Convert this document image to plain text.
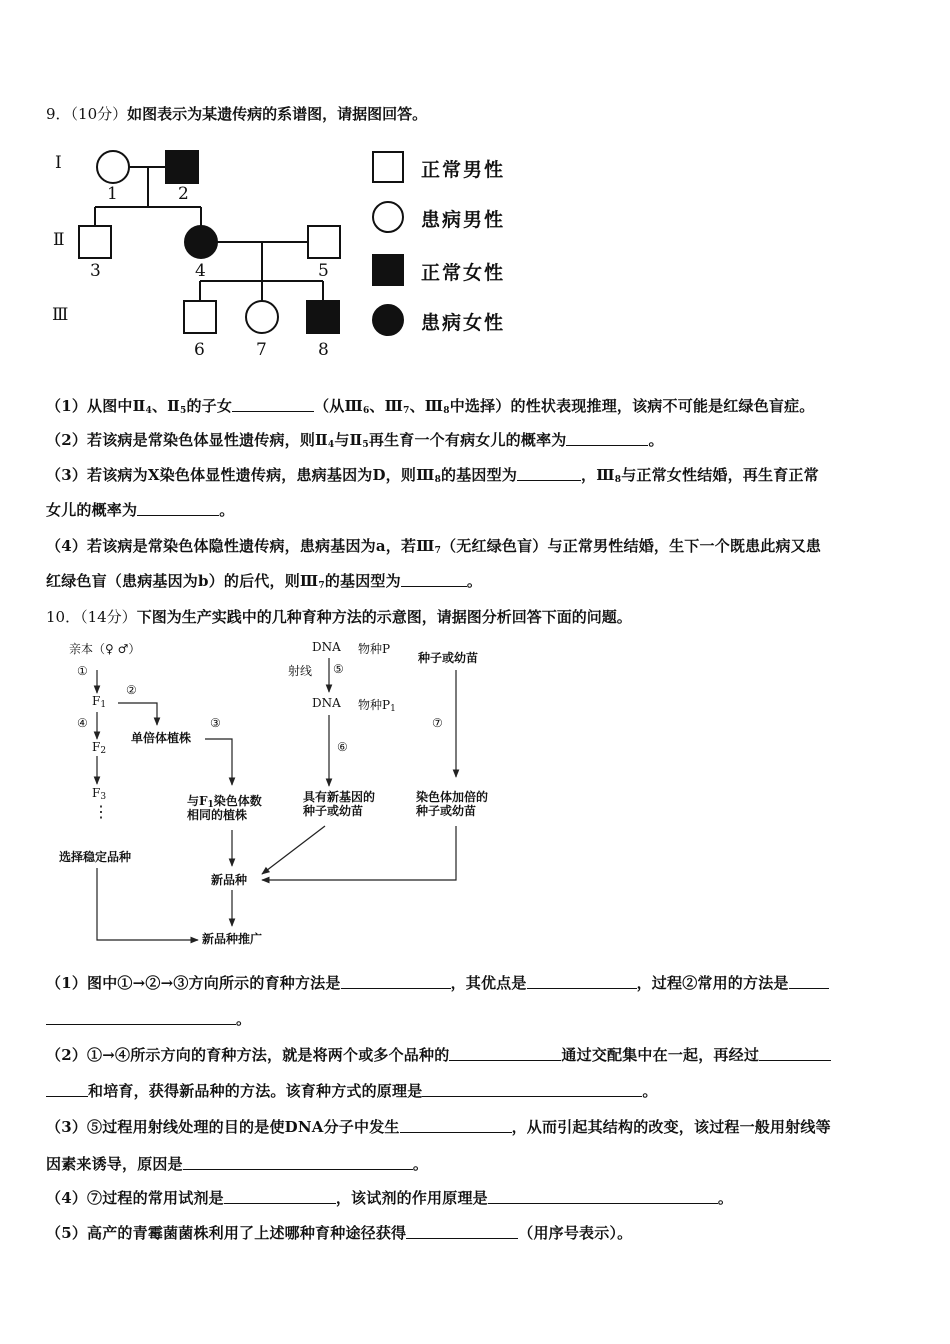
9．（10分）如图表示为某遗传病的系谱图，请据图回答。
Ⅰ
Ⅱ
Ⅲ
1	2
3	4	5
6	7	8
正常男性
患病男性
正常女性
患病女性
（1）从图中$Ⅱ_4$、$Ⅱ_5$的子女	（从$Ⅲ_6$、$Ⅲ_7$、$Ⅲ_8$中选择）的性状表现推理，该病不可能是红绿色盲症。
（2）若该病是常染色体显性遗传病，则$Ⅱ_4$与$Ⅱ_5$再生育一个有病女儿的概率为	。
（3）若该病为X染色体显性遗传病，患病基因为D，则$Ⅲ_8$的基因型为	，$Ⅲ_8$与正常女性结婚，再生育正常
女儿的概率为	。
（4）若该病是常染色体隐性遗传病，患病基因为a，若$Ⅲ_7$（无红绿色盲）与正常男性结婚，生下一个既患此病又患
红绿色盲（患病基因为b）的后代，则$Ⅲ_7$的基因型为	。
10．（14分）下图为生产实践中的几种育种方法的示意图，请据图分析回答下面的问题。
亲本（♀ ♂）
①
$F_1$
②
④
$F_2$
$F_3$
⋮
选择稳定品种
单倍体植株
③
与$F_1$染色体数
相同的植株
DNA 物种P
射线 ⑤
DNA 物种$P_1$
⑥
具有新基因的
种子或幼苗
种子或幼苗
⑦
染色体加倍的
种子或幼苗
新品种
新品种推广
（1）图中①→②→③方向所示的育种方法是	，其优点是	，过程②常用的方法是
。
（2）①→④所示方向的育种方法，就是将两个或多个品种的	通过交配集中在一起，再经过
和培育，获得新品种的方法。该育种方式的原理是	。
（3）⑤过程用射线处理的目的是使DNA分子中发生	，从而引起其结构的改变，该过程一般用射线等
因素来诱导，原因是	。
（4）⑦过程的常用试剂是	，该试剂的作用原理是	。
（5）高产的青霉菌菌株利用了上述哪种育种途径获得	（用序号表示）。
